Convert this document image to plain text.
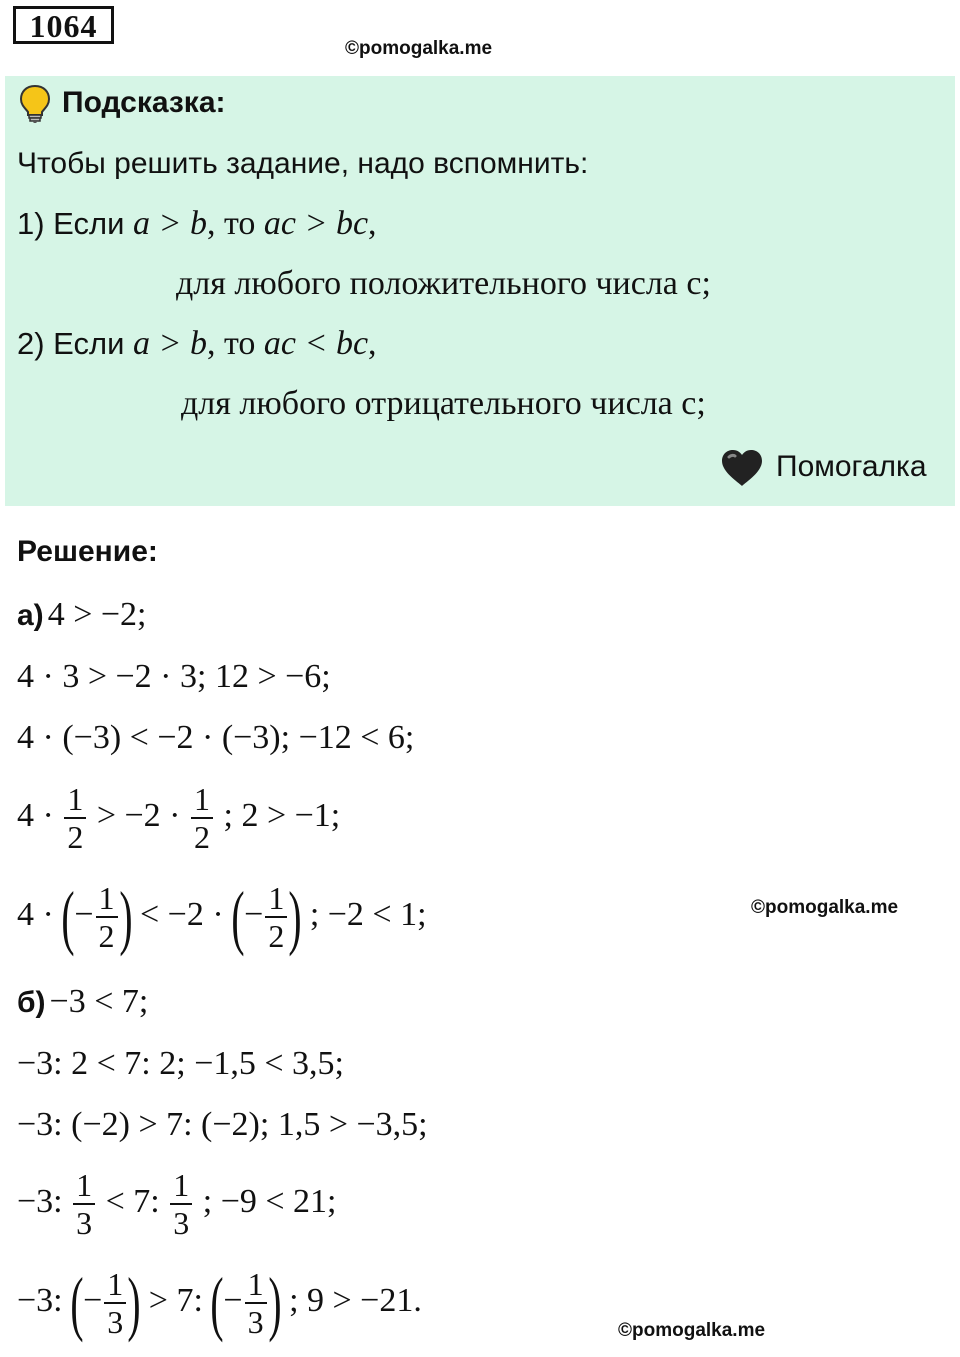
1064
©pomogalka.me
Подсказка:
Чтобы решить задание, надо вспомнить:
1) Если a > b, то ac > bc,
для любого положительного числа с;
2) Если a > b, то ac < bc,
для любого отрицательного числа с;
Помогалка
Решение:
а) 4 > −2;
4 · 3 > −2 · 3; 12 > −6;
4 · (−3) < −2 · (−3); −12 < 6;
$4 \cdot \frac{1}{2} > -2 \cdot \frac{1}{2}$ ; 2 > −1;
4 · (− $\frac{1}{2}$ ) < −2 · (− $\frac{1}{2}$ ) ; −2 < 1;	©pomogalka.me
б) −3 < 7;
−3: 2 < 7: 2; −1,5 < 3,5;
−3: (−2) > 7: (−2); 1,5 > −3,5;
−3: $\frac{1}{3} < 7$: $\frac{1}{3}$ ; −9 < 21;
−3: (− $\frac{1}{3}$ ) > 7: (− $\frac{1}{3}$ ) ; 9 > −21.
©pomogalka.me
